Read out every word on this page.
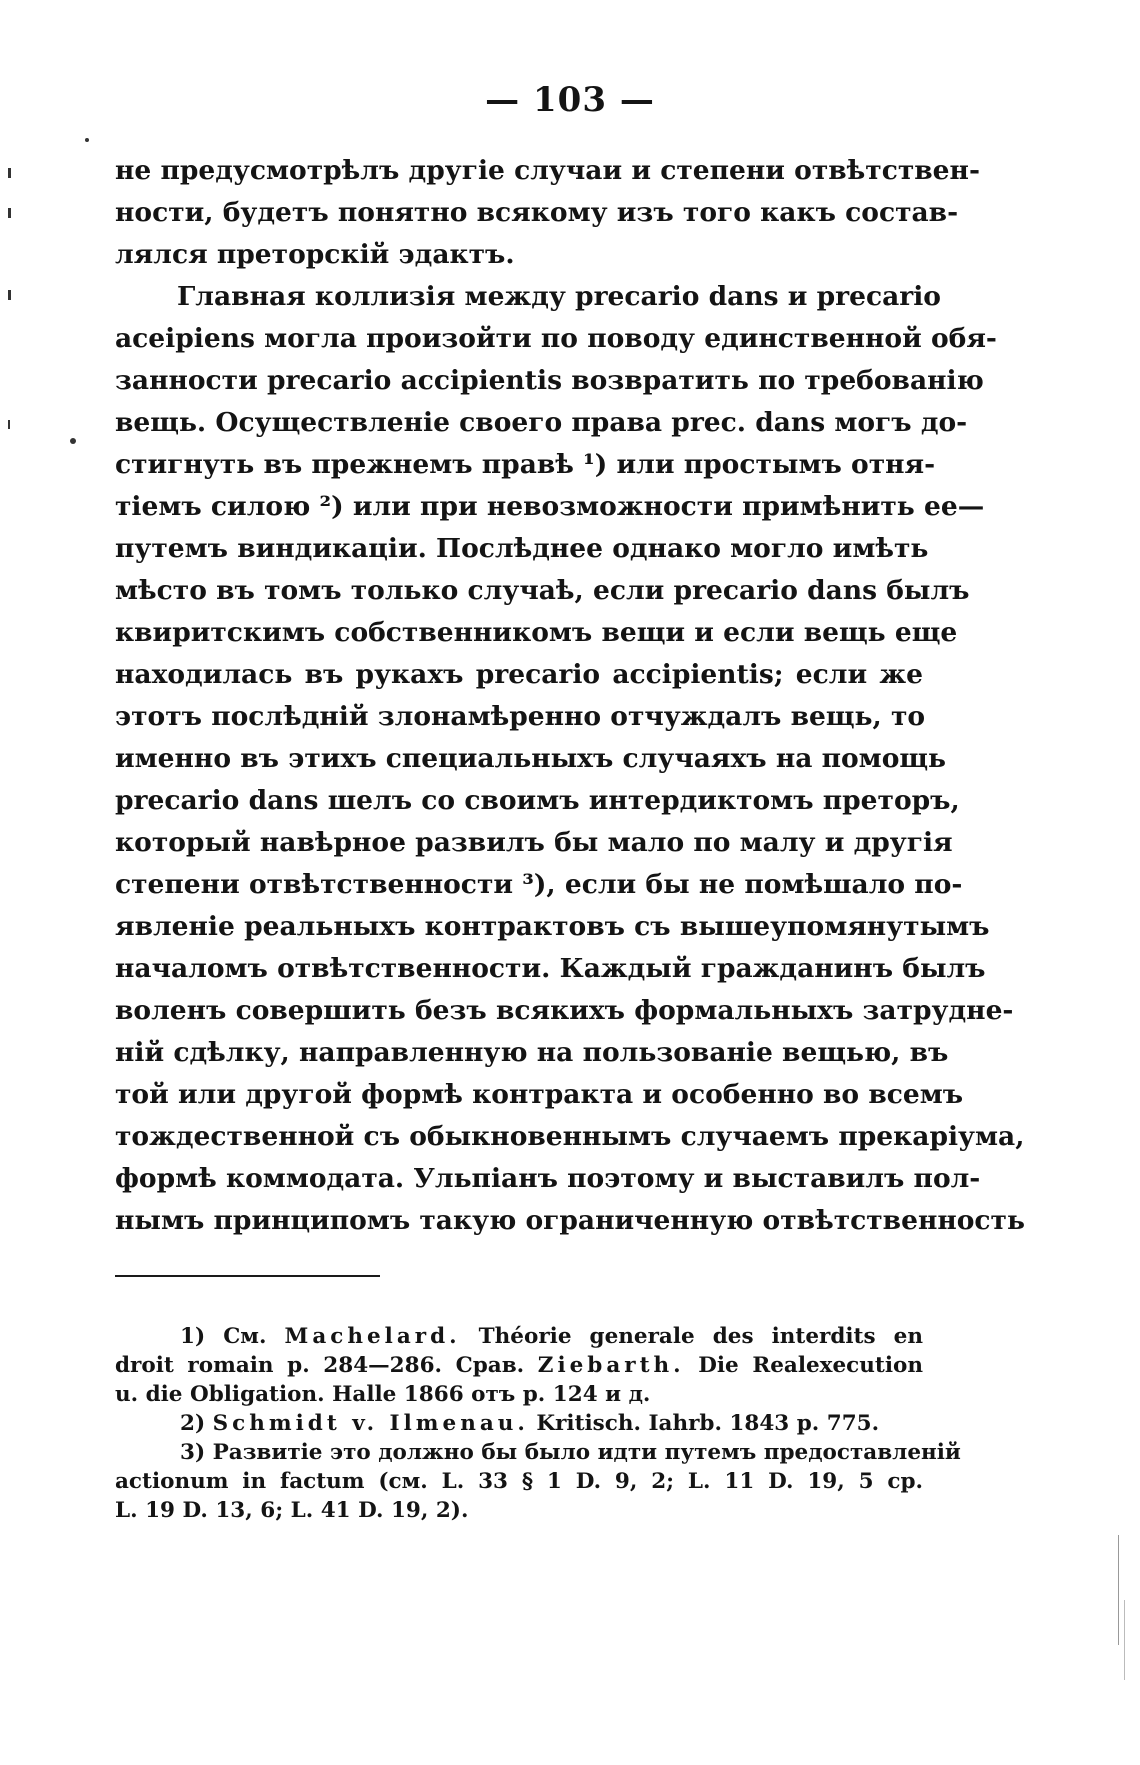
— 103 —
не предусмотрѣлъ другіе случаи и степени отвѣтствен-
ности, будетъ понятно всякому изъ того какъ состав-
лялся преторскій эдактъ.
Главная коллизія между precario dans и precario
aceipiens могла произойти по поводу единственной обя-
занности precario accipientis возвратить по требованію
вещь. Осуществленіе своего права prec. dans могъ до-
стигнуть въ прежнемъ правѣ ¹) или простымъ отня-
тіемъ силою ²) или при невозможности примѣнить ее—
путемъ виндикаціи. Послѣднее однако могло имѣть
мѣсто въ томъ только случаѣ, если precario dans былъ
квиритскимъ собственникомъ вещи и если вещь еще
находилась въ рукахъ precario accipientis; если же
этотъ послѣдній злонамѣренно отчуждалъ вещь, то
именно въ этихъ специальныхъ случаяхъ на помощь
precario dans шелъ со своимъ интердиктомъ преторъ,
который навѣрное развилъ бы мало по малу и другія
степени отвѣтственности ³), если бы не помѣшало по-
явленіе реальныхъ контрактовъ съ вышеупомянутымъ
началомъ отвѣтственности. Каждый гражданинъ былъ
воленъ совершить безъ всякихъ формальныхъ затрудне-
ній сдѣлку, направленную на пользованіе вещью, въ
той или другой формѣ контракта и особенно во всемъ
тождественной съ обыкновеннымъ случаемъ прекаріума,
формѣ коммодата. Ульпіанъ поэтому и выставилъ пол-
нымъ принципомъ такую ограниченную отвѣтственность
1) См. Machelard. Théorie generale des interdits en
droit romain p. 284—286. Срав. Ziebarth. Die Realexecution
u. die Obligation. Halle 1866 отъ p. 124 и д.
2) Schmidt v. Ilmenau. Kritisch. Iahrb. 1843 p. 775.
3) Развитіе это должно бы было идти путемъ предоставленій
actionum in factum (см. L. 33 § 1 D. 9, 2; L. 11 D. 19, 5 cp.
L. 19 D. 13, 6; L. 41 D. 19, 2).
